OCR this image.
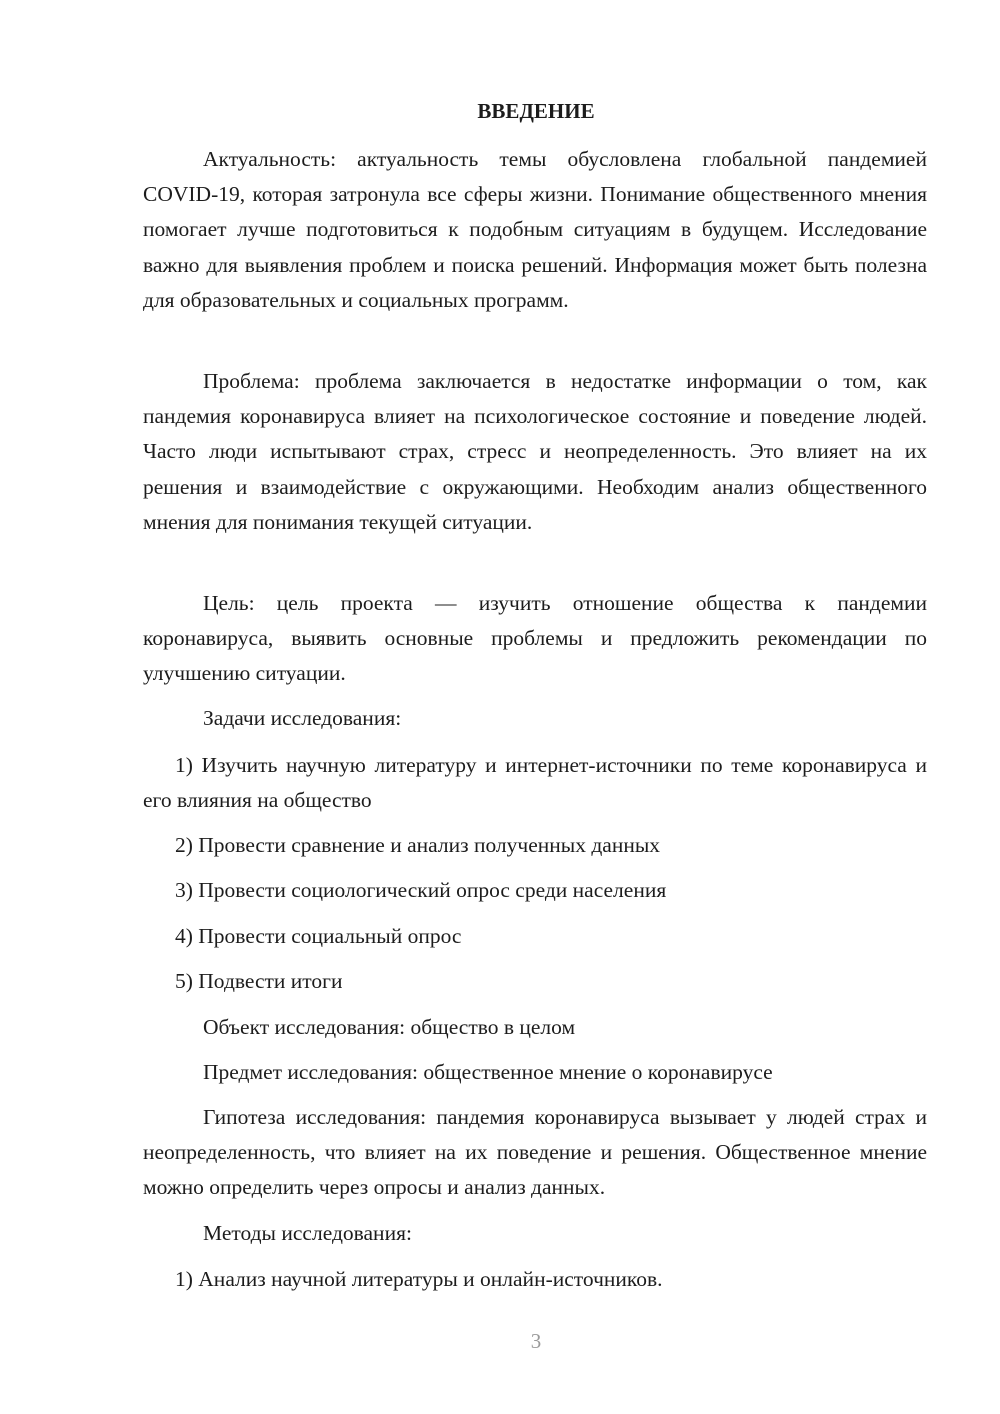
ВВЕДЕНИЕ

Актуальность: актуальность темы обусловлена глобальной пандемией COVID-19, которая затронула все сферы жизни. Понимание общественного мнения помогает лучше подготовиться к подобным ситуациям в будущем. Исследование важно для выявления проблем и поиска решений. Информация может быть полезна для образовательных и социальных программ.

Проблема: проблема заключается в недостатке информации о том, как пандемия коронавируса влияет на психологическое состояние и поведение людей. Часто люди испытывают страх, стресс и неопределенность. Это влияет на их решения и взаимодействие с окружающими. Необходим анализ общественного мнения для понимания текущей ситуации.

Цель: цель проекта — изучить отношение общества к пандемии коронавируса, выявить основные проблемы и предложить рекомендации по улучшению ситуации.

Задачи исследования:

1) Изучить научную литературу и интернет-источники по теме коронавируса и его влияния на общество

2) Провести сравнение и анализ полученных данных

3) Провести социологический опрос среди населения

4) Провести социальный опрос

5) Подвести итоги

Объект исследования: общество в целом

Предмет исследования: общественное мнение о коронавирусе

Гипотеза исследования: пандемия коронавируса вызывает у людей страх и неопределенность, что влияет на их поведение и решения. Общественное мнение можно определить через опросы и анализ данных.

Методы исследования:

1) Анализ научной литературы и онлайн-источников.

3
